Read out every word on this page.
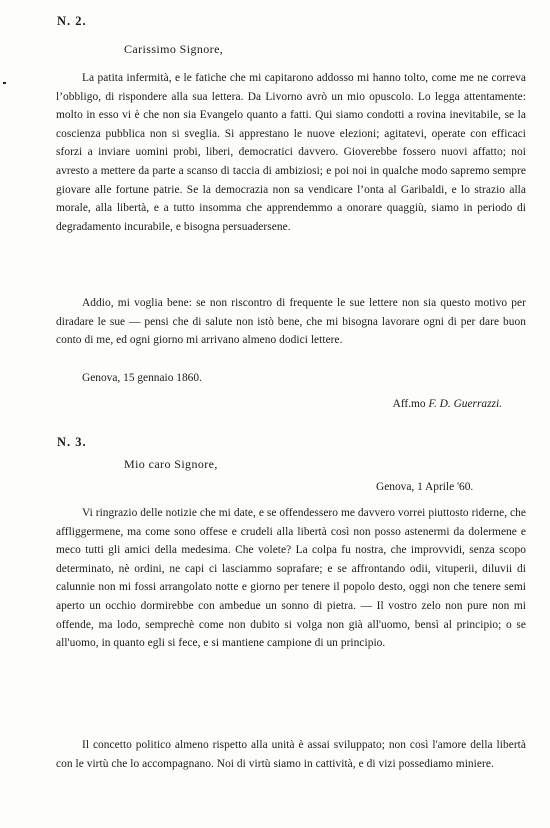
N. 2.
Carissimo Signore,

La patita infermità, e le fatiche che mi capitarono addosso mi hanno tolto, come me ne correva l’obbligo, di rispondere alla sua lettera. Da Livorno avrò un mio opuscolo. Lo legga attentamente: molto in esso vi è che non sia Evangelo quanto a fatti. Qui siamo condotti a rovina inevitabile, se la coscienza pubblica non si sveglia. Si apprestano le nuove elezioni; agitatevi, operate con efficaci sforzi a inviare uomini probi, liberi, democratici davvero. Gioverebbe fossero nuovi affatto; noi avresto a mettere da parte a scanso di taccia di ambiziosi; e poi noi in qualche modo sapremo sempre giovare alle fortune patrie. Se la democrazia non sa vendicare l’onta al Garibaldi, e lo strazio alla morale, alla libertà, e a tutto insomma che apprendemmo a onorare quaggiù, siamo in periodo di degradamento incurabile, e bisogna persuadersene.

Addio, mi voglia bene: se non riscontro di frequente le sue lettere non sia questo motivo per diradare le sue — pensi che di salute non istò bene, che mi bisogna lavorare ogni di per dare buon conto di me, ed ogni giorno mi arrivano almeno dodici lettere.

Genova, 15 gennaio 1860.
Aff.mo F. D. Guerrazzi.
N. 3.
Mio caro Signore,
Genova, 1 Aprile '60.

Vi ringrazio delle notizie che mi date, e se offendessero me davvero vorrei piuttosto riderne, che affliggermene, ma come sono offese e crudeli alla libertà così non posso astenermi da dolermene e meco tutti gli amici della medesima. Che volete? La colpa fu nostra, che improvvidi, senza scopo determinato, nè ordini, ne capi ci lasciammo soprafare; e se affrontando odii, vituperii, diluvii di calunnie non mi fossi arrangolato notte e giorno per tenere il popolo desto, oggi non che tenere semi aperto un occhio dormirebbe con ambedue un sonno di pietra. — Il vostro zelo non pure non mi offende, ma lodo, semprechè come non dubito si volga non già all'uomo, bensì al principio; o se all'uomo, in quanto egli si fece, e si mantiene campione di un principio.

Il concetto politico almeno rispetto alla unità è assai sviluppato; non così l'amore della libertà con le virtù che lo accompagnano. Noi di virtù siamo in cattività, e di vizi possediamo miniere.
